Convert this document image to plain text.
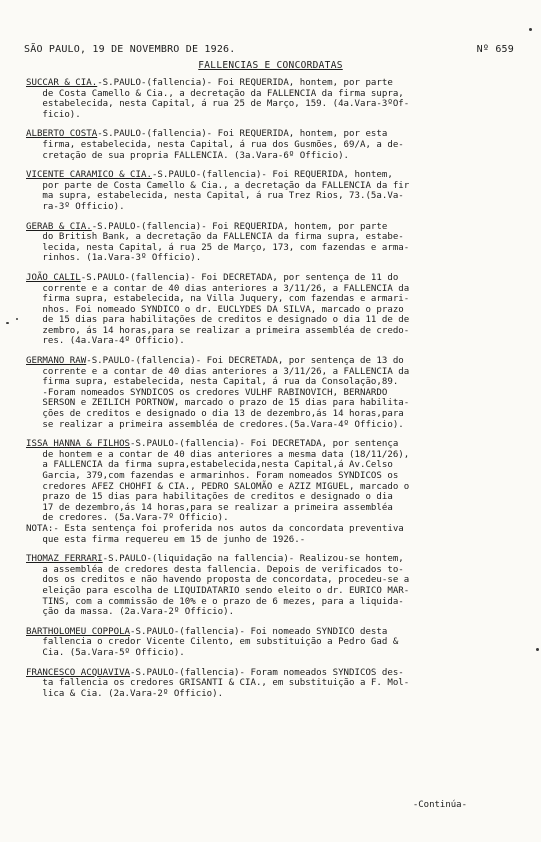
SÃO PAULO, 19 DE NOVEMBRO DE 1926.	Nº 659
FALLENCIAS E CONCORDATAS
SUCCAR & CIA.-S.PAULO-(fallencia)- Foi REQUERIDA, hontem, por parte
de Costa Camello & Cia., a decretação da FALLENCIA da firma supra,
estabelecida, nesta Capital, á rua 25 de Março, 159. (4a.Vara-3ºOf-
ficio).
ALBERTO COSTA-S.PAULO-(fallencia)- Foi REQUERIDA, hontem, por esta
firma, estabelecida, nesta Capital, á rua dos Gusmões, 69/A, a de-
cretação de sua propria FALLENCIA. (3a.Vara-6º Officio).
VICENTE CARAMICO & CIA.-S.PAULO-(fallencia)- Foi REQUERIDA, hontem,
por parte de Costa Camello & Cia., a decretação da FALLENCIA da fir
ma supra, estabelecida, nesta Capital, á rua Trez Rios, 73.(5a.Va-
ra-3º Officio).
GERAB & CIA.-S.PAULO-(fallencia)- Foi REQUERIDA, hontem, por parte
do British Bank, a decretação da FALLENCIA da firma supra, estabe-
lecida, nesta Capital, á rua 25 de Março, 173, com fazendas e arma-
rinhos. (1a.Vara-3º Officio).
JOÃO CALIL-S.PAULO-(fallencia)- Foi DECRETADA, por sentença de 11 do
corrente e a contar de 40 dias anteriores a 3/11/26, a FALLENCIA da
firma supra, estabelecida, na Villa Juquery, com fazendas e armari-
nhos. Foi nomeado SYNDICO o dr. EUCLYDES DA SILVA, marcado o prazo
de 15 dias para habilitações de creditos e designado o dia 11 de de
zembro, ás 14 horas,para se realizar a primeira assembléa de credo-
res. (4a.Vara-4º Officio).
GERMANO RAW-S.PAULO-(fallencia)- Foi DECRETADA, por sentença de 13 do
corrente e a contar de 40 dias anteriores a 3/11/26, a FALLENCIA da
firma supra, estabelecida, nesta Capital, á rua da Consolação,89.
-Foram nomeados SYNDICOS os credores VULHF RABINOVICH, BERNARDO
SERSON e ZEILICH PORTNOW, marcado o prazo de 15 dias para habilita-
ções de creditos e designado o dia 13 de dezembro,ás 14 horas,para
se realizar a primeira assembléa de credores.(5a.Vara-4º Officio).
ISSA HANNA & FILHOS-S.PAULO-(fallencia)- Foi DECRETADA, por sentença
de hontem e a contar de 40 dias anteriores a mesma data (18/11/26),
a FALLENCIA da firma supra,estabelecida,nesta Capital,á Av.Celso
Garcia, 379,com fazendas e armarinhos. Foram nomeados SYNDICOS os
credores AFEZ CHOHFI & CIA., PEDRO SALOMÃO e AZIZ MIGUEL, marcado o
prazo de 15 dias para habilitações de creditos e designado o dia
17 de dezembro,ás 14 horas,para se realizar a primeira assembléa
de credores. (5a.Vara-7º Officio).
NOTA:- Esta sentença foi proferida nos autos da concordata preventiva
que esta firma requereu em 15 de junho de 1926.-
THOMAZ FERRARI-S.PAULO-(liquidação na fallencia)- Realizou-se hontem,
a assembléa de credores desta fallencia. Depois de verificados to-
dos os creditos e não havendo proposta de concordata, procedeu-se a
eleição para escolha de LIQUIDATARIO sendo eleito o dr. EURICO MAR-
TINS, com a commissão de 10% e o prazo de 6 mezes, para a liquida-
ção da massa. (2a.Vara-2º Officio).
BARTHOLOMEU COPPOLA-S.PAULO-(fallencia)- Foi nomeado SYNDICO desta
fallencia o credor Vicente Cilento, em substituição a Pedro Gad &
Cia. (5a.Vara-5º Officio).
FRANCESCO ACQUAVIVA-S.PAULO-(fallencia)- Foram nomeados SYNDICOS des-
ta fallencia os credores GRISANTI & CIA., em substituição a F. Mol-
lica & Cia. (2a.Vara-2º Officio).
-Continúa-
